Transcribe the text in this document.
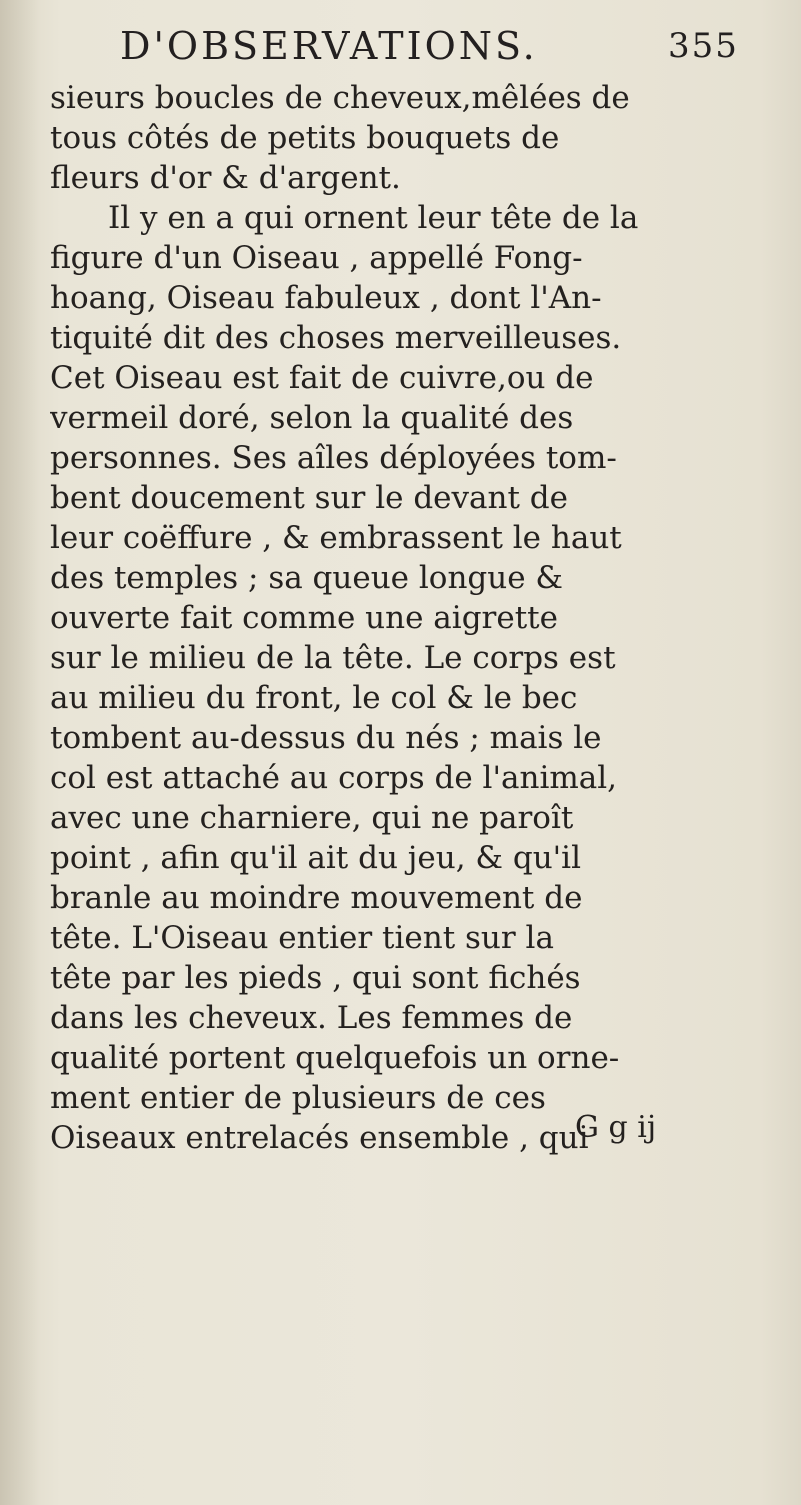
D'OBSERVATIONS.	355
sieurs boucles de cheveux,mêlées de
tous côtés de petits bouquets de
fleurs d'or & d'argent.
Il y en a qui ornent leur tête de la
figure d'un Oiseau , appellé Fong-
hoang, Oiseau fabuleux , dont l'An-
tiquité dit des choses merveilleuses.
Cet Oiseau est fait de cuivre,ou de
vermeil doré, selon la qualité des
personnes. Ses aîles déployées tom-
bent doucement sur le devant de
leur coëffure , & embrassent le haut
des temples ; sa queue longue &
ouverte fait comme une aigrette
sur le milieu de la tête. Le corps est
au milieu du front, le col & le bec
tombent au-dessus du nés ; mais le
col est attaché au corps de l'animal,
avec une charniere, qui ne paroît
point , afin qu'il ait du jeu, & qu'il
branle au moindre mouvement de
tête. L'Oiseau entier tient sur la
tête par les pieds , qui sont fichés
dans les cheveux. Les femmes de
qualité portent quelquefois un orne-
ment entier de plusieurs de ces
Oiseaux entrelacés ensemble , qui
G g ij
